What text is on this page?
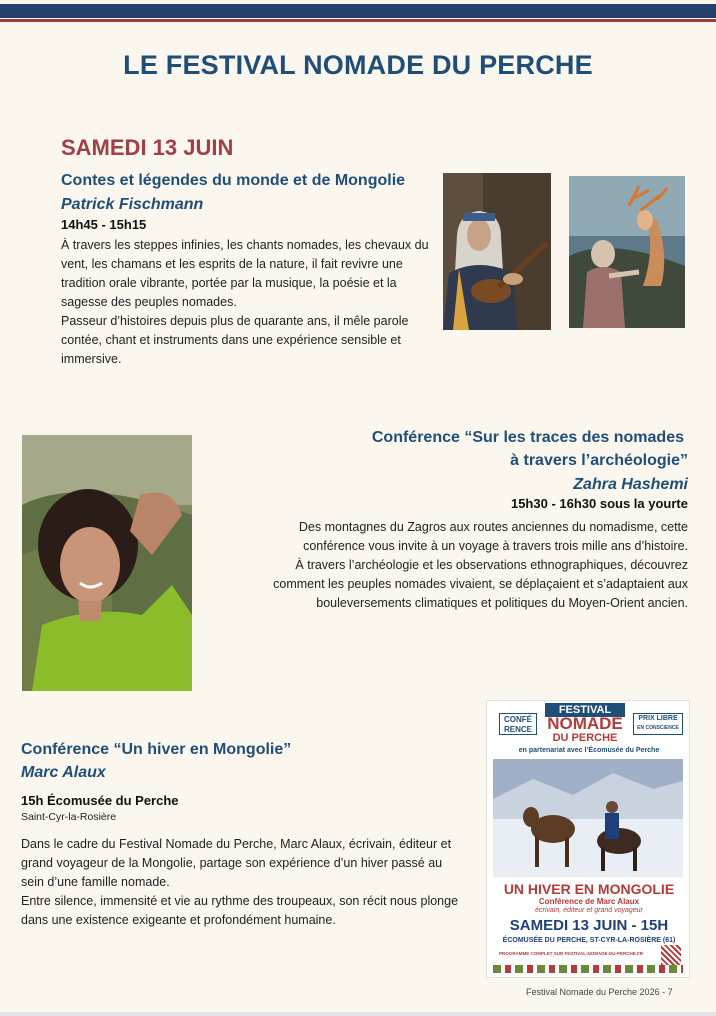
LE FESTIVAL NOMADE DU PERCHE
SAMEDI 13 JUIN
Contes et légendes du monde et de Mongolie
Patrick Fischmann
14h45 - 15h15
À travers les steppes infinies, les chants nomades, les chevaux du
vent, les chamans et les esprits de la nature, il fait revivre une
tradition orale vibrante, portée par la musique, la poésie et la
sagesse des peuples nomades.
Passeur d’histoires depuis plus de quarante ans, il mêle parole
contée, chant et instruments dans une expérience sensible et
immersive.
Conférence “Sur les traces des nomades
à travers l’archéologie”
Zahra Hashemi
15h30 - 16h30 sous la yourte
Des montagnes du Zagros aux routes anciennes du nomadisme, cette
conférence vous invite à un voyage à travers trois mille ans d’histoire.
À travers l’archéologie et les observations ethnographiques, découvrez
comment les peuples nomades vivaient, se déplaçaient et s’adaptaient aux
bouleversements climatiques et politiques du Moyen-Orient ancien.
Conférence “Un hiver en Mongolie”
Marc Alaux
15h Écomusée du Perche
Saint-Cyr-la-Rosière
Dans le cadre du Festival Nomade du Perche, Marc Alaux, écrivain, éditeur et
grand voyageur de la Mongolie, partage son expérience d’un hiver passé au
sein d’une famille nomade.
Entre silence, immensité et vie au rythme des troupeaux, son récit nous plonge
dans une existence exigeante et profondément humaine.
CONFÉ
RENCE
FESTIVAL
NOMADE
DU PERCHE
PRIX LIBRE
EN CONSCIENCE
en partenariat avec l’Écomusée du Perche
UN HIVER EN MONGOLIE
Conférence de Marc Alaux
écrivain, éditeur et grand voyageur
SAMEDI 13 JUIN - 15H
ÉCOMUSÉE DU PERCHE, ST-CYR-LA-ROSIÈRE (61)
PROGRAMME COMPLET SUR FESTIVAL-NOMADE-DU-PERCHE.FR
Festival Nomade du Perche 2026 - 7
